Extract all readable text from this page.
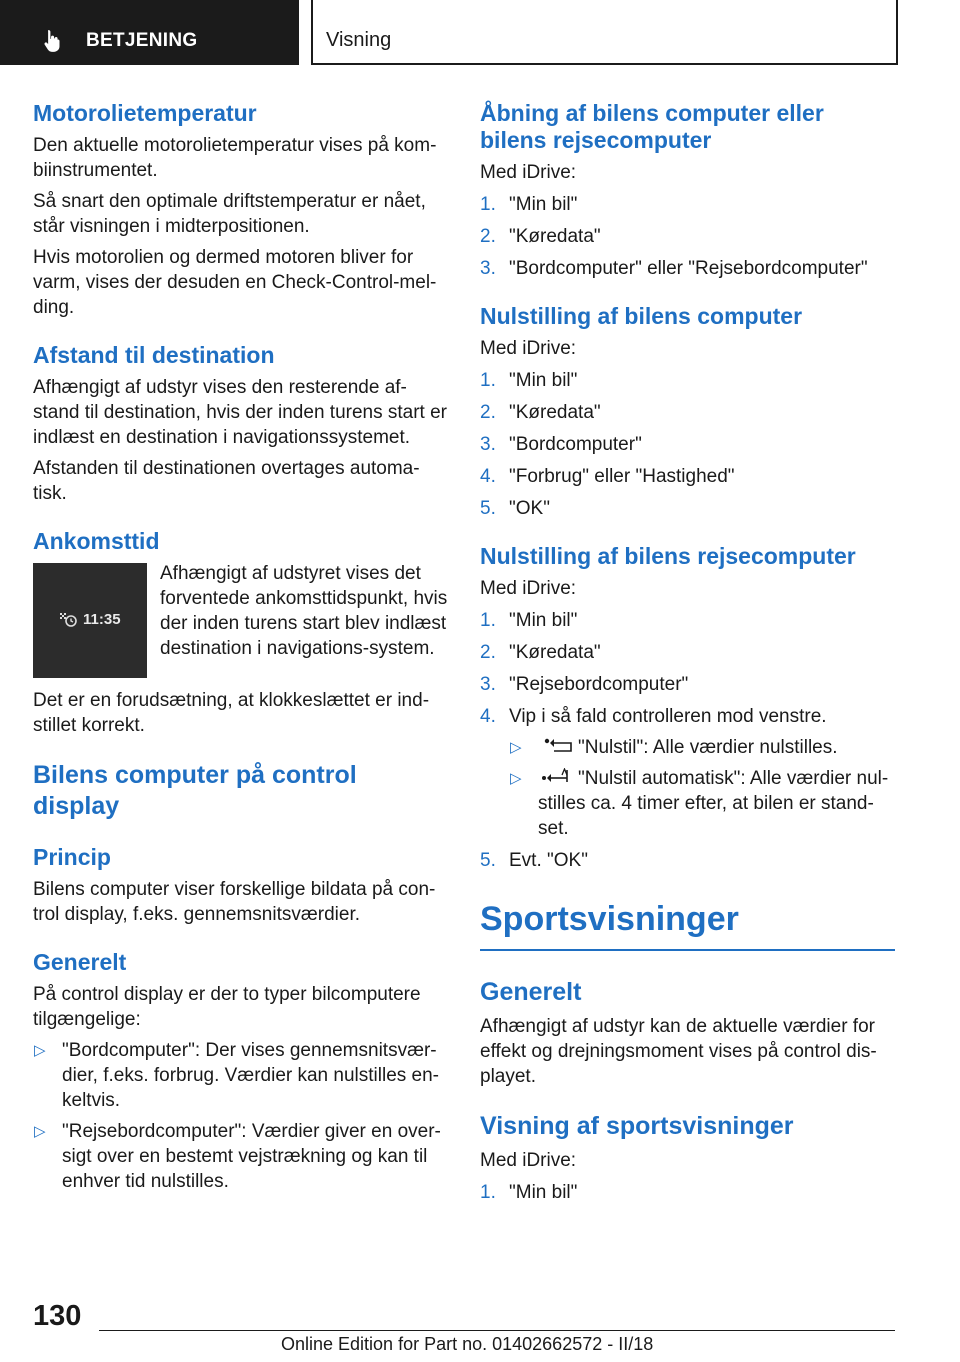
BETJENING	Visning
Motorolietemperatur

Den aktuelle motorolietemperatur vises på kom-biinstrumentet.

Så snart den optimale driftstemperatur er nået, står visningen i midterpositionen.

Hvis motorolien og dermed motoren bliver for varm, vises der desuden en Check-Control-mel-ding.

Afstand til destination

Afhængigt af udstyr vises den resterende af-stand til destination, hvis der inden turens start er indlæst en destination i navigationssystemet.

Afstanden til destinationen overtages automa-tisk.

Ankomsttid
11:35

Afhængigt af udstyret vises det forventede ankomsttidspunkt, hvis der inden turens start blev indlæst destination i navigations-system.

Det er en forudsætning, at klokkeslættet er ind-stillet korrekt.

Bilens computer på control display
Princip

Bilens computer viser forskellige bildata på con-trol display, f.eks. gennemsnitsværdier.

Generelt

På control display er der to typer bilcomputere tilgængelige:

▷ "Bordcomputer": Der vises gennemsnitsvær-dier, f.eks. forbrug. Værdier kan nulstilles en-keltvis.
▷ "Rejsebordcomputer": Værdier giver en over-sigt over en bestemt vejstrækning og kan til enhver tid nulstilles.
Åbning af bilens computer eller bilens rejsecomputer

Med iDrive:

1. "Min bil"
2. "Køredata"
3. "Bordcomputer" eller "Rejsebordcomputer"
Nulstilling af bilens computer

Med iDrive:

1. "Min bil"
2. "Køredata"
3. "Bordcomputer"
4. "Forbrug" eller "Hastighed"
5. "OK"
Nulstilling af bilens rejsecomputer

Med iDrive:

1. "Min bil"
2. "Køredata"
3. "Rejsebordcomputer"
4. Vip i så fald controlleren mod venstre.
▷	"Nulstil": Alle værdier nulstilles.
▷	"Nulstil automatisk": Alle værdier nul-stilles ca. 4 timer efter, at bilen er stand-set.
5. Evt. "OK"
Sportsvisninger
Generelt

Afhængigt af udstyr kan de aktuelle værdier for effekt og drejningsmoment vises på control dis-playet.

Visning af sportsvisninger

Med iDrive:

1. "Min bil"
130
Online Edition for Part no. 01402662572 - II/18
